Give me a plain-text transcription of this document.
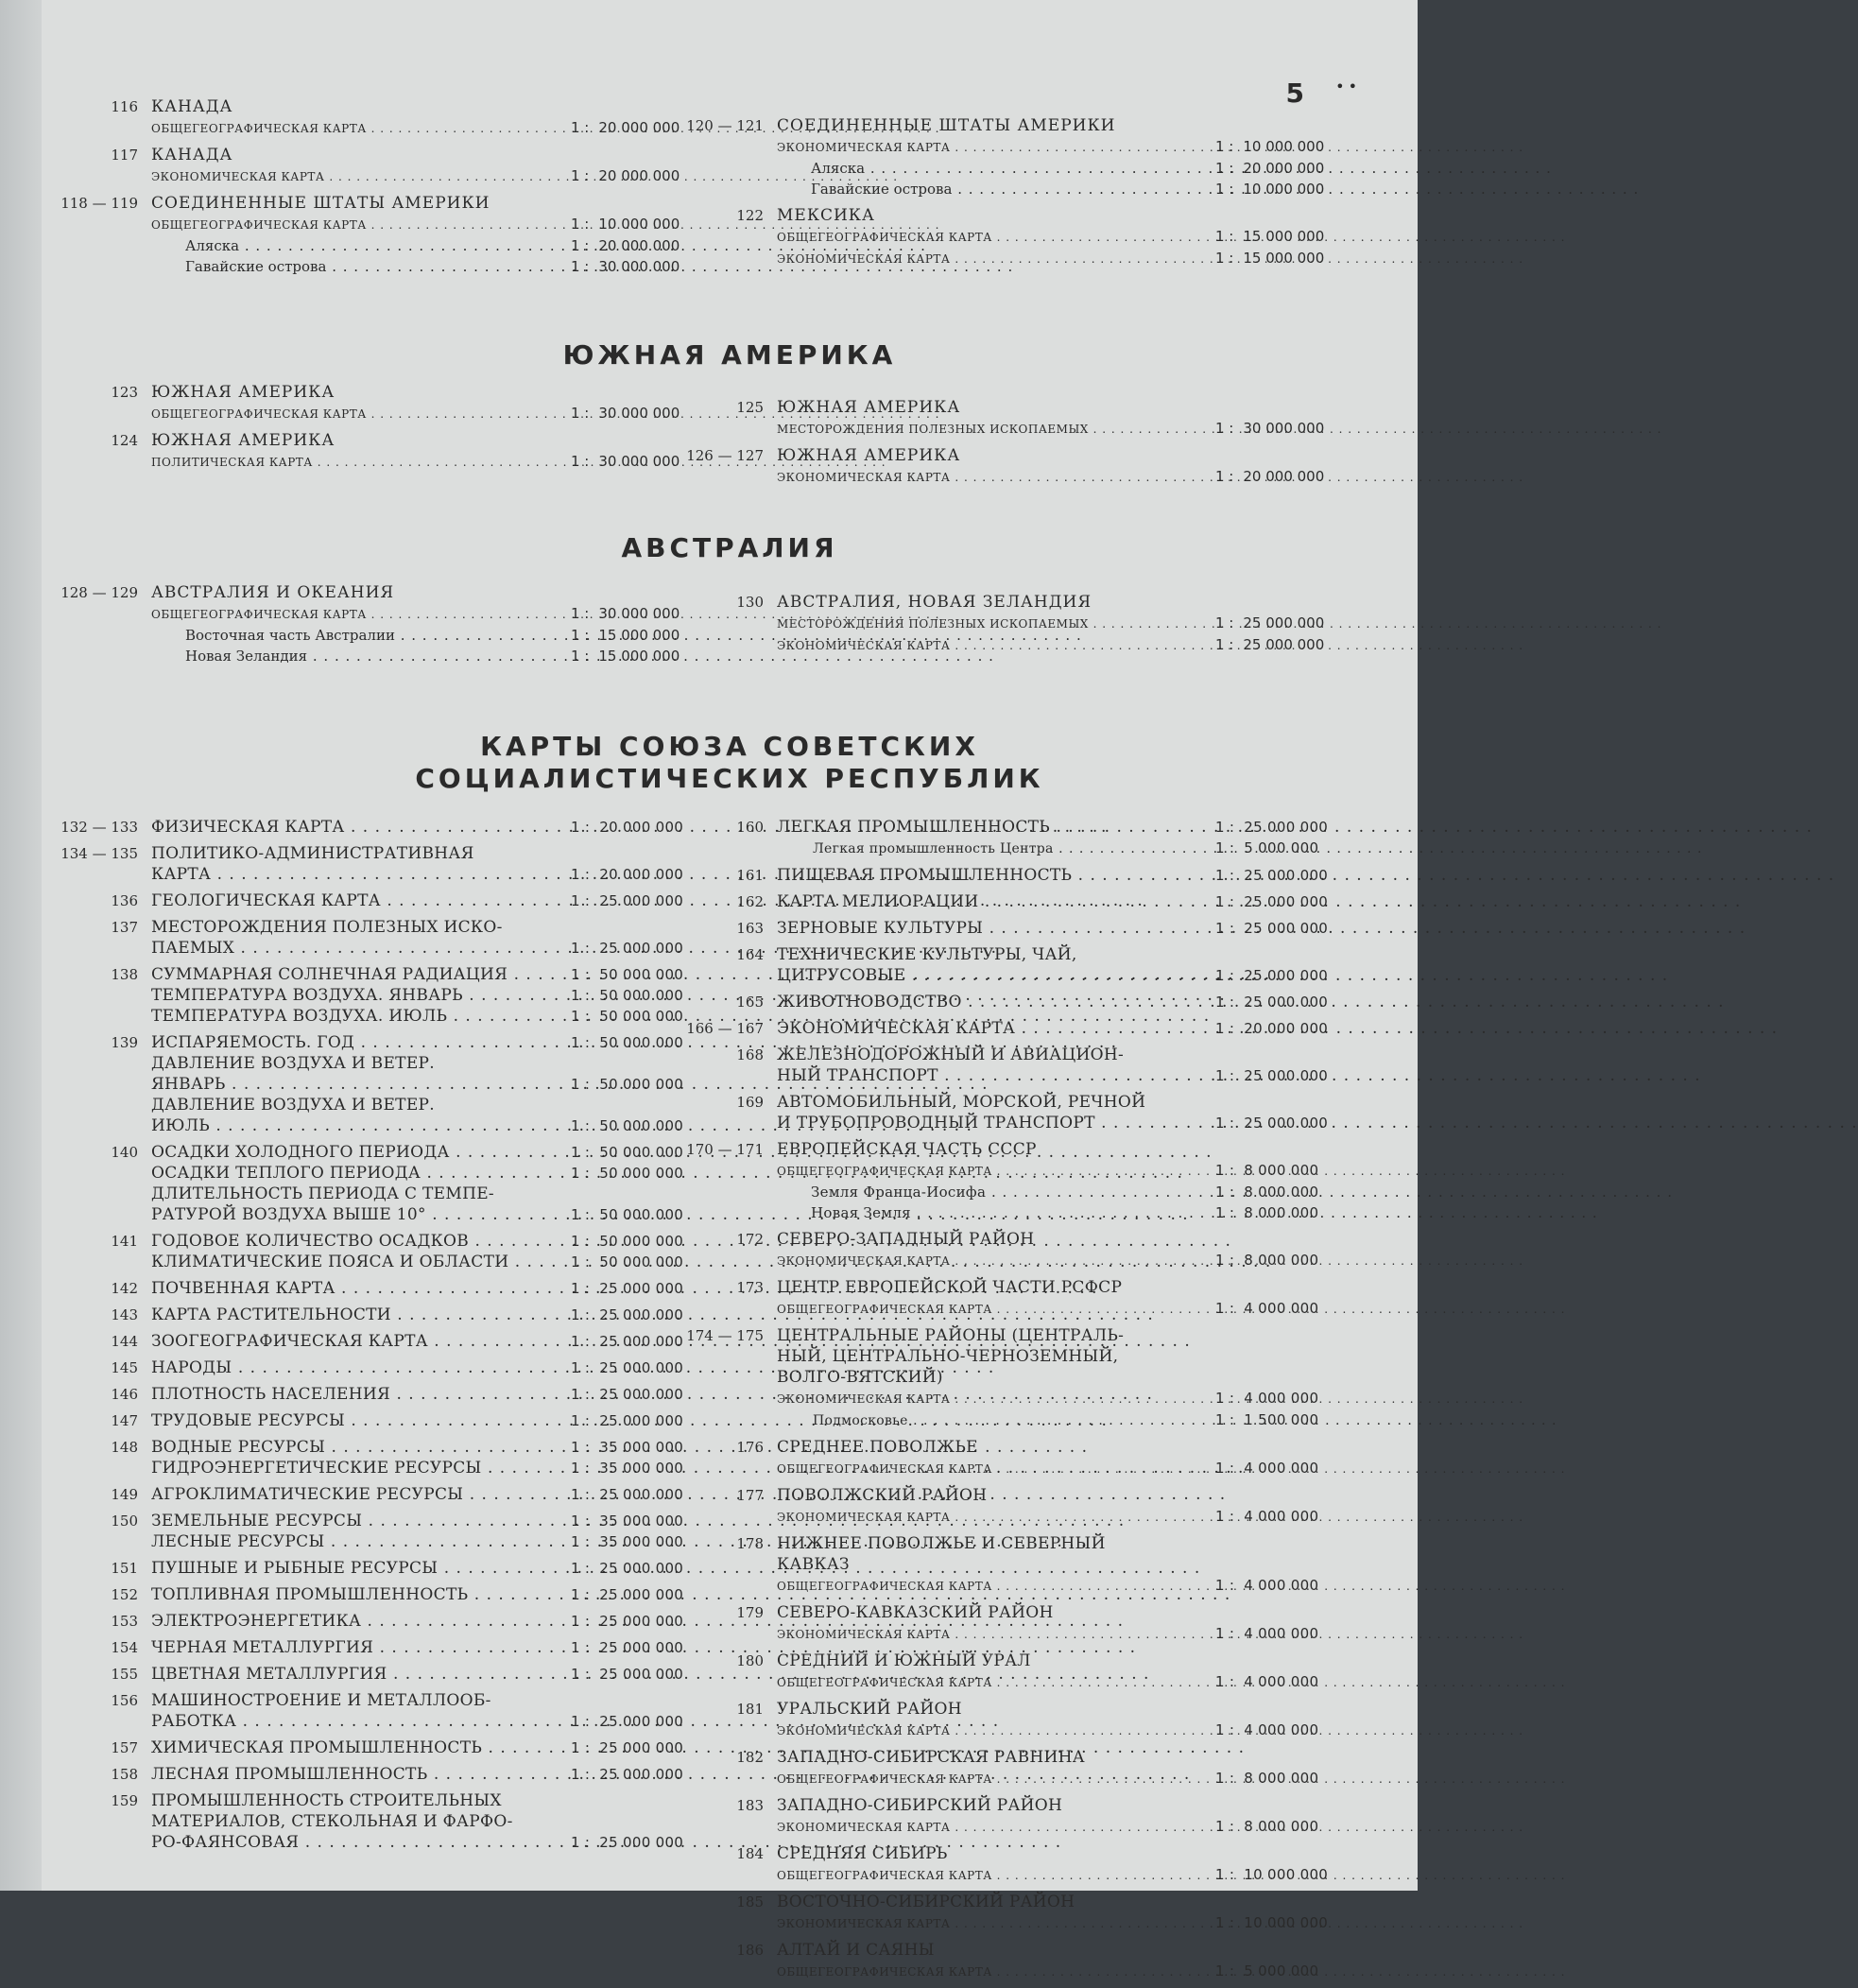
5 ••
116 КАНАДА
ОБЩЕГЕОГРАФИЧЕСКАЯ КАРТА . . .	1 : 20 000 000
117 КАНАДА
ЭКОНОМИЧЕСКАЯ КАРТА . . .	1 : 20 000 000
118 — 119 СОЕДИНЕННЫЕ ШТАТЫ АМЕРИКИ
ОБЩЕГЕОГРАФИЧЕСКАЯ КАРТА . . .	1 : 10 000 000
Аляска . . .	1 : 20 000 000
Гавайские острова . . .	1 : 30 000 000
120 — 121 СОЕДИНЕННЫЕ ШТАТЫ АМЕРИКИ
ЭКОНОМИЧЕСКАЯ КАРТА . . .	1 : 10 000 000
Аляска . . .	1 : 20 000 000
Гавайские острова . . .	1 : 10 000 000
122 МЕКСИКА
ОБЩЕГЕОГРАФИЧЕСКАЯ КАРТА . . .	1 : 15 000 000
ЭКОНОМИЧЕСКАЯ КАРТА . . .	1 : 15 000 000
ЮЖНАЯ АМЕРИКА
123 ЮЖНАЯ АМЕРИКА
ОБЩЕГЕОГРАФИЧЕСКАЯ КАРТА . . .	1 : 30 000 000
124 ЮЖНАЯ АМЕРИКА
ПОЛИТИЧЕСКАЯ КАРТА . . .	1 : 30 000 000
125 ЮЖНАЯ АМЕРИКА
МЕСТОРОЖДЕНИЯ ПОЛЕЗНЫХ ИСКОПАЕМЫХ . . .	1 : 30 000 000
126 — 127 ЮЖНАЯ АМЕРИКА
ЭКОНОМИЧЕСКАЯ КАРТА . . .	1 : 20 000 000
АВСТРАЛИЯ
128 — 129 АВСТРАЛИЯ И ОКЕАНИЯ
ОБЩЕГЕОГРАФИЧЕСКАЯ КАРТА . . .	1 : 30 000 000
Восточная часть Австралии . . .	1 : 15 000 000
Новая Зеландия . . .	1 : 15 000 000
130 АВСТРАЛИЯ, НОВАЯ ЗЕЛАНДИЯ
МЕСТОРОЖДЕНИЯ ПОЛЕЗНЫХ ИСКОПАЕМЫХ . . .	1 : 25 000 000
ЭКОНОМИЧЕСКАЯ КАРТА . . .	1 : 25 000 000
КАРТЫ СОЮЗА СОВЕТСКИХ
СОЦИАЛИСТИЧЕСКИХ РЕСПУБЛИК
132 — 133 ФИЗИЧЕСКАЯ КАРТА . . .	1 : 20 000 000
134 — 135 ПОЛИТИКО-АДМИНИСТРАТИВНАЯ
КАРТА . . .	1 : 20 000 000
136 ГЕОЛОГИЧЕСКАЯ КАРТА . . .	1 : 25 000 000
137 МЕСТОРОЖДЕНИЯ ПОЛЕЗНЫХ ИСКО-
ПАЕМЫХ . . .	1 : 25 000 000
138 СУММАРНАЯ СОЛНЕЧНАЯ РАДИАЦИЯ . . .	1 : 50 000 000
ТЕМПЕРАТУРА ВОЗДУХА. ЯНВАРЬ . . .	1 : 50 000 000
ТЕМПЕРАТУРА ВОЗДУХА. ИЮЛЬ . . .	1 : 50 000 000
139 ИСПАРЯЕМОСТЬ. ГОД . . .	1 : 50 000 000
ДАВЛЕНИЕ ВОЗДУХА И ВЕТЕР.
ЯНВАРЬ . . .	1 : 50 000 000
ДАВЛЕНИЕ ВОЗДУХА И ВЕТЕР.
ИЮЛЬ . . .	1 : 50 000 000
140 ОСАДКИ ХОЛОДНОГО ПЕРИОДА . . .	1 : 50 000 000
ОСАДКИ ТЕПЛОГО ПЕРИОДА . . .	1 : 50 000 000
ДЛИТЕЛЬНОСТЬ ПЕРИОДА С ТЕМПЕ-
РАТУРОЙ ВОЗДУХА ВЫШЕ 10° . . .	1 : 50 000 000
141 ГОДОВОЕ КОЛИЧЕСТВО ОСАДКОВ . . .	1 : 50 000 000
КЛИМАТИЧЕСКИЕ ПОЯСА И ОБЛАСТИ . . .	1 : 50 000 000
142 ПОЧВЕННАЯ КАРТА . . .	1 : 25 000 000
143 КАРТА РАСТИТЕЛЬНОСТИ . . .	1 : 25 000 000
144 ЗООГЕОГРАФИЧЕСКАЯ КАРТА . . .	1 : 25 000 000
145 НАРОДЫ . . .	1 : 25 000 000
146 ПЛОТНОСТЬ НАСЕЛЕНИЯ . . .	1 : 25 000 000
147 ТРУДОВЫЕ РЕСУРСЫ . . .	1 : 25 000 000
148 ВОДНЫЕ РЕСУРСЫ . . .	1 : 35 000 000
ГИДРОЭНЕРГЕТИЧЕСКИЕ РЕСУРСЫ . . .	1 : 35 000 000
149 АГРОКЛИМАТИЧЕСКИЕ РЕСУРСЫ . . .	1 : 25 000 000
150 ЗЕМЕЛЬНЫЕ РЕСУРСЫ . . .	1 : 35 000 000
ЛЕСНЫЕ РЕСУРСЫ . . .	1 : 35 000 000
151 ПУШНЫЕ И РЫБНЫЕ РЕСУРСЫ . . .	1 : 25 000 000
152 ТОПЛИВНАЯ ПРОМЫШЛЕННОСТЬ . . .	1 : 25 000 000
153 ЭЛЕКТРОЭНЕРГЕТИКА . . .	1 : 25 000 000
154 ЧЕРНАЯ МЕТАЛЛУРГИЯ . . .	1 : 25 000 000
155 ЦВЕТНАЯ МЕТАЛЛУРГИЯ . . .	1 : 25 000 000
156 МАШИНОСТРОЕНИЕ И МЕТАЛЛООБ-
РАБОТКА . . .	1 : 25 000 000
157 ХИМИЧЕСКАЯ ПРОМЫШЛЕННОСТЬ . . .	1 : 25 000 000
158 ЛЕСНАЯ ПРОМЫШЛЕННОСТЬ . . .	1 : 25 000 000
159 ПРОМЫШЛЕННОСТЬ СТРОИТЕЛЬНЫХ
МАТЕРИАЛОВ, СТЕКОЛЬНАЯ И ФАРФО-
РО-ФАЯНСОВАЯ . . .	1 : 25 000 000
160 ЛЕГКАЯ ПРОМЫШЛЕННОСТЬ . . .	1 : 25 000 000
Легкая промышленность Центра . . .	1 : 5 000 000
161 ПИЩЕВАЯ ПРОМЫШЛЕННОСТЬ . . .	1 : 25 000 000
162 КАРТА МЕЛИОРАЦИИ . . .	1 : 25 000 000
163 ЗЕРНОВЫЕ КУЛЬТУРЫ . . .	1 : 25 000 000
164 ТЕХНИЧЕСКИЕ КУЛЬТУРЫ, ЧАЙ,
ЦИТРУСОВЫЕ . . .	1 : 25 000 000
165 ЖИВОТНОВОДСТВО . . .	1 : 25 000 000
166 — 167 ЭКОНОМИЧЕСКАЯ КАРТА . . .	1 : 20 000 000
168 ЖЕЛЕЗНОДОРОЖНЫЙ И АВИАЦИОН-
НЫЙ ТРАНСПОРТ . . .	1 : 25 000 000
169 АВТОМОБИЛЬНЫЙ, МОРСКОЙ, РЕЧНОЙ
И ТРУБОПРОВОДНЫЙ ТРАНСПОРТ . . .	1 : 25 000 000
170 — 171 ЕВРОПЕЙСКАЯ ЧАСТЬ СССР
ОБЩЕГЕОГРАФИЧЕСКАЯ КАРТА . . .	1 : 8 000 000
Земля Франца-Иосифа . . .	1 : 8 000 000
Новая Земля . . .	1 : 8 000 000
172 СЕВЕРО-ЗАПАДНЫЙ РАЙОН
ЭКОНОМИЧЕСКАЯ КАРТА . . .	1 : 8 000 000
173 ЦЕНТР ЕВРОПЕЙСКОЙ ЧАСТИ РСФСР
ОБЩЕГЕОГРАФИЧЕСКАЯ КАРТА . . .	1 : 4 000 000
174 — 175 ЦЕНТРАЛЬНЫЕ РАЙОНЫ (ЦЕНТРАЛЬ-
НЫЙ, ЦЕНТРАЛЬНО-ЧЕРНОЗЕМНЫЙ,
ВОЛГО-ВЯТСКИЙ)
ЭКОНОМИЧЕСКАЯ КАРТА . . .	1 : 4 000 000
Подмосковье . . .	1 : 1 500 000
176 СРЕДНЕЕ ПОВОЛЖЬЕ
ОБЩЕГЕОГРАФИЧЕСКАЯ КАРТА . . .	1 : 4 000 000
177 ПОВОЛЖСКИЙ РАЙОН
ЭКОНОМИЧЕСКАЯ КАРТА . . .	1 : 4 000 000
178 НИЖНЕЕ ПОВОЛЖЬЕ И СЕВЕРНЫЙ
КАВКАЗ
ОБЩЕГЕОГРАФИЧЕСКАЯ КАРТА . . .	1 : 4 000 000
179 СЕВЕРО-КАВКАЗСКИЙ РАЙОН
ЭКОНОМИЧЕСКАЯ КАРТА . . .	1 : 4 000 000
180 СРЕДНИЙ И ЮЖНЫЙ УРАЛ
ОБЩЕГЕОГРАФИЧЕСКАЯ КАРТА . . .	1 : 4 000 000
181 УРАЛЬСКИЙ РАЙОН
ЭКОНОМИЧЕСКАЯ КАРТА . . .	1 : 4 000 000
182 ЗАПАДНО-СИБИРСКАЯ РАВНИНА
ОБЩЕГЕОГРАФИЧЕСКАЯ КАРТА . . .	1 : 8 000 000
183 ЗАПАДНО-СИБИРСКИЙ РАЙОН
ЭКОНОМИЧЕСКАЯ КАРТА . . .	1 : 8 000 000
184 СРЕДНЯЯ СИБИРЬ
ОБЩЕГЕОГРАФИЧЕСКАЯ КАРТА . . .	1 : 10 000 000
185 ВОСТОЧНО-СИБИРСКИЙ РАЙОН
ЭКОНОМИЧЕСКАЯ КАРТА . . .	1 : 10 000 000
186 АЛТАЙ И САЯНЫ
ОБЩЕГЕОГРАФИЧЕСКАЯ КАРТА . . .	1 : 5 000 000
